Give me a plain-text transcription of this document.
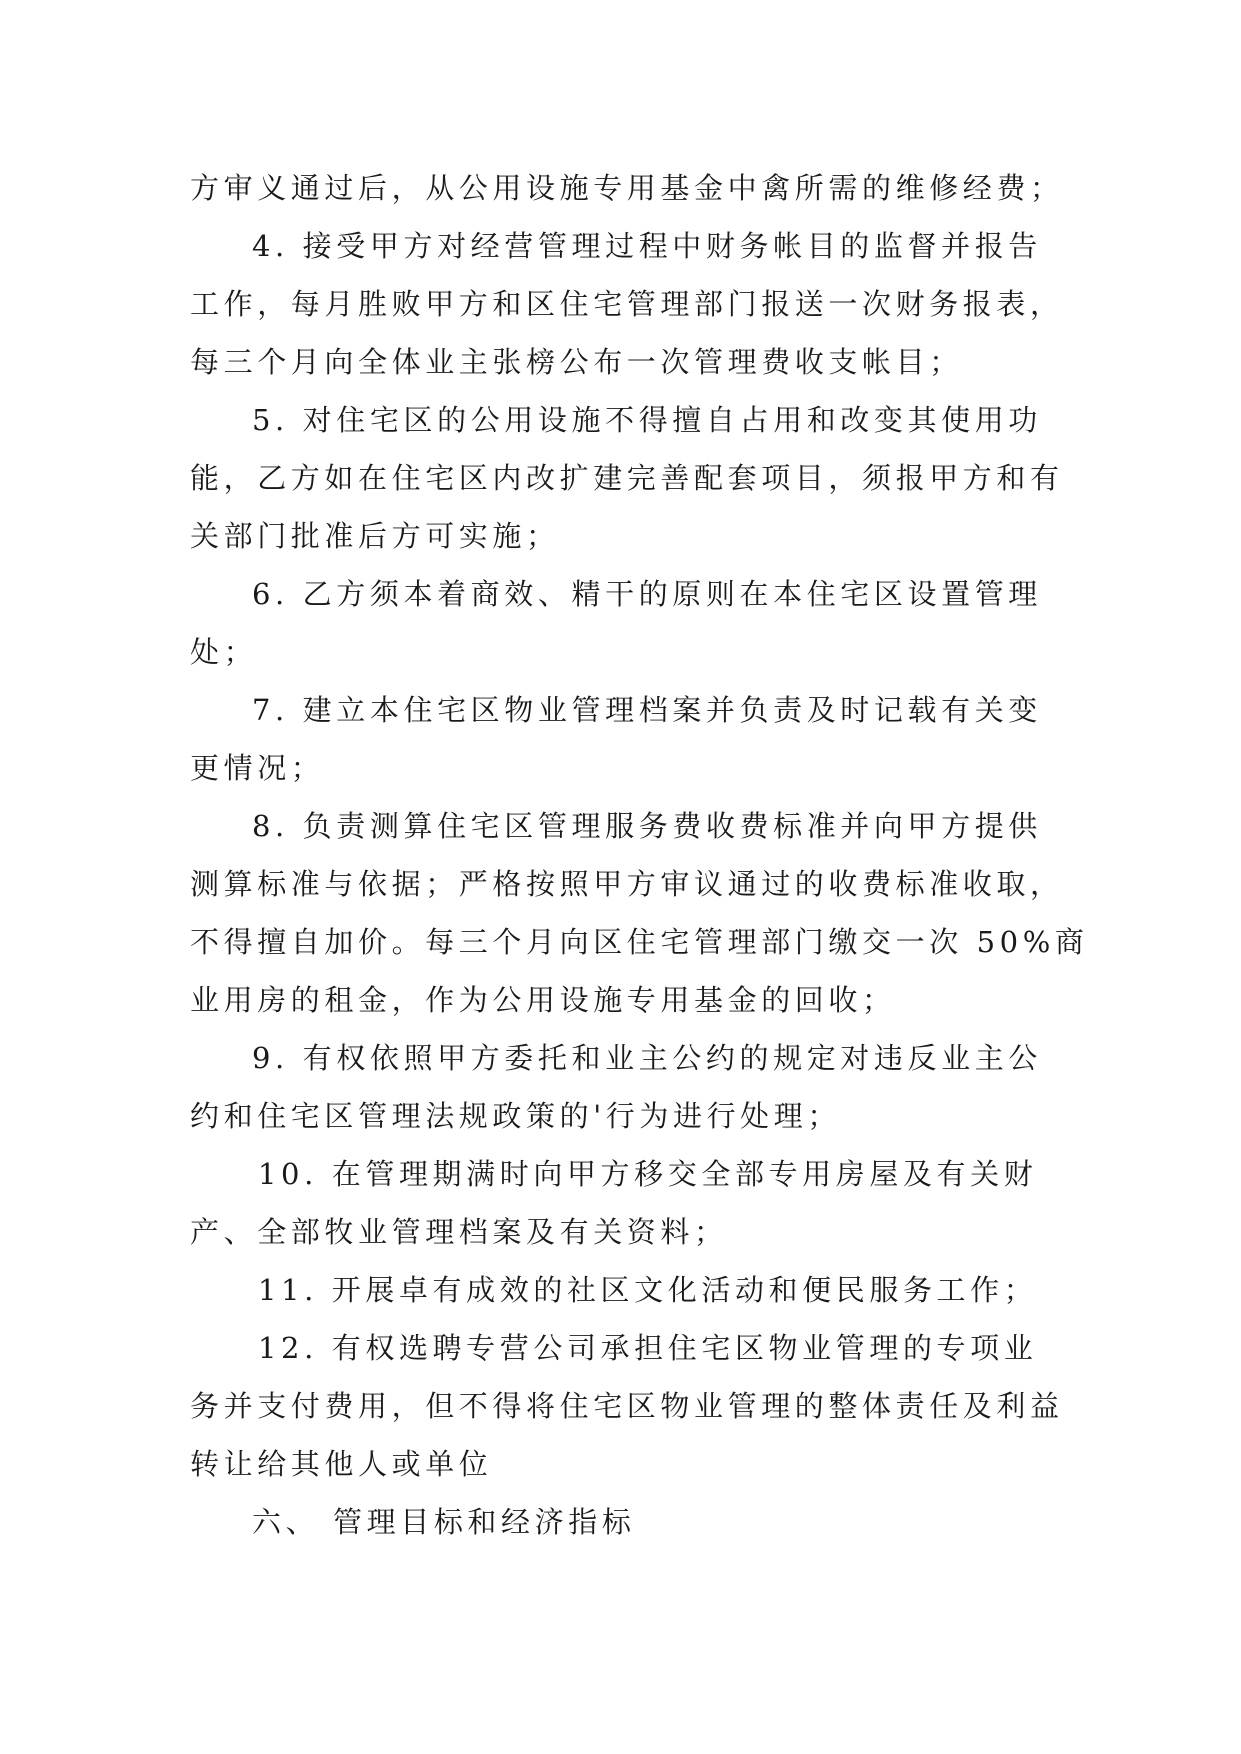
方审义通过后，从公用设施专用基金中禽所需的维修经费；
4. 接受甲方对经营管理过程中财务帐目的监督并报告
工作，每月胜败甲方和区住宅管理部门报送一次财务报表，
每三个月向全体业主张榜公布一次管理费收支帐目；
5. 对住宅区的公用设施不得擅自占用和改变其使用功
能，乙方如在住宅区内改扩建完善配套项目，须报甲方和有
关部门批准后方可实施；
6. 乙方须本着商效、精干的原则在本住宅区设置管理
处；
7. 建立本住宅区物业管理档案并负责及时记载有关变
更情况；
8. 负责测算住宅区管理服务费收费标准并向甲方提供
测算标准与依据；严格按照甲方审议通过的收费标准收取，
不得擅自加价。每三个月向区住宅管理部门缴交一次 50%商
业用房的租金，作为公用设施专用基金的回收；
9. 有权依照甲方委托和业主公约的规定对违反业主公
约和住宅区管理法规政策的'行为进行处理；
10. 在管理期满时向甲方移交全部专用房屋及有关财
产、全部牧业管理档案及有关资料；
11. 开展卓有成效的社区文化活动和便民服务工作；
12. 有权选聘专营公司承担住宅区物业管理的专项业
务并支付费用，但不得将住宅区物业管理的整体责任及利益
转让给其他人或单位
六、 管理目标和经济指标
